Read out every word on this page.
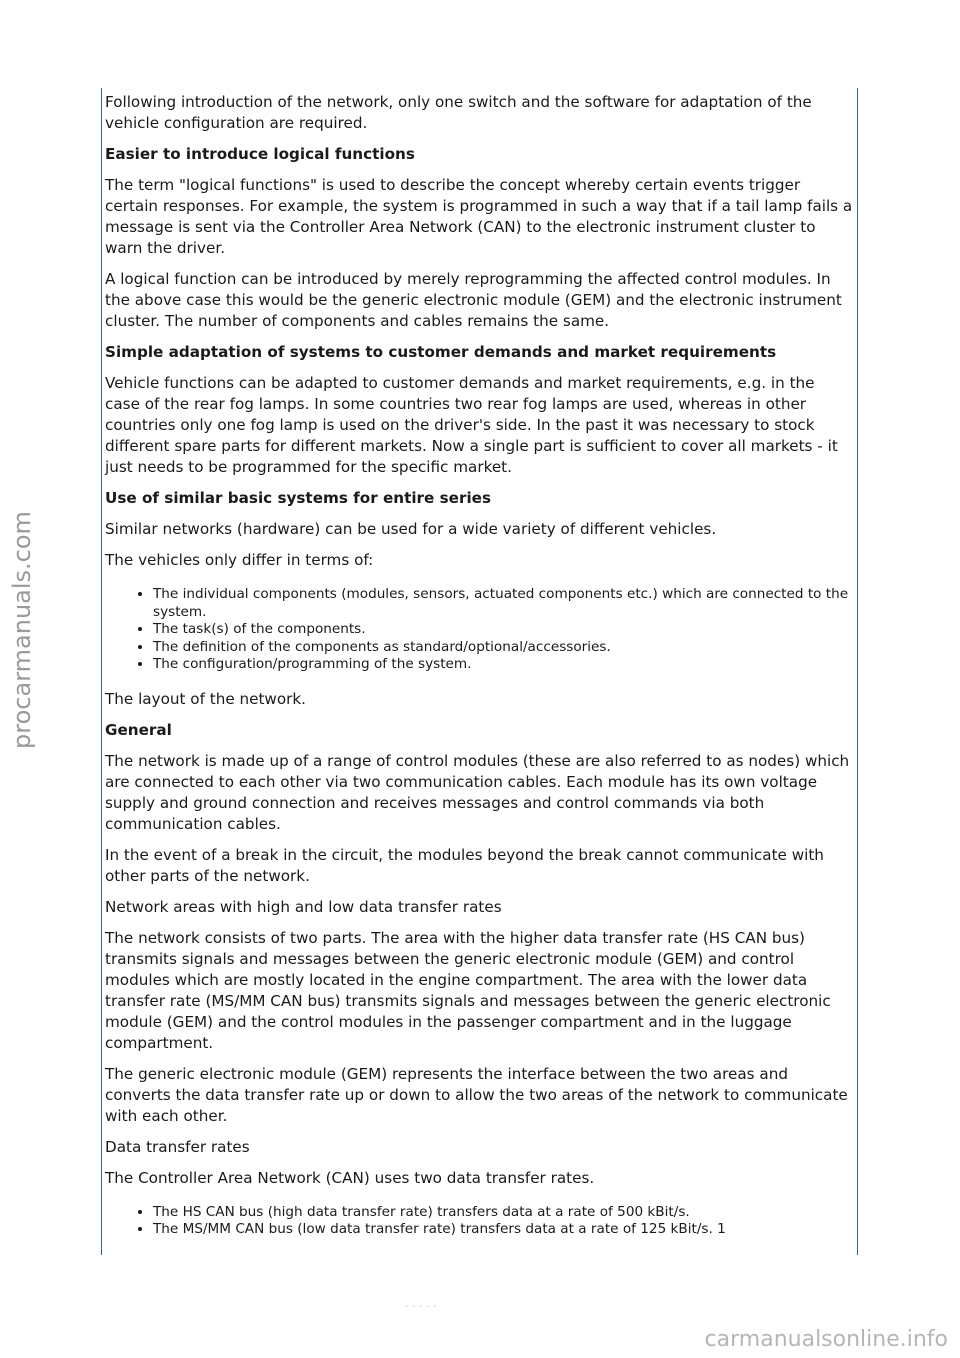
procarmanuals.com

Following introduction of the network, only one switch and the software for adaptation of the vehicle configuration are required.

Easier to introduce logical functions

The term "logical functions" is used to describe the concept whereby certain events trigger certain responses. For example, the system is programmed in such a way that if a tail lamp fails a message is sent via the Controller Area Network (CAN) to the electronic instrument cluster to warn the driver.

A logical function can be introduced by merely reprogramming the affected control modules. In the above case this would be the generic electronic module (GEM) and the electronic instrument cluster. The number of components and cables remains the same.

Simple adaptation of systems to customer demands and market requirements

Vehicle functions can be adapted to customer demands and market requirements, e.g. in the case of the rear fog lamps. In some countries two rear fog lamps are used, whereas in other countries only one fog lamp is used on the driver's side. In the past it was necessary to stock different spare parts for different markets. Now a single part is sufficient to cover all markets - it just needs to be programmed for the specific market.

Use of similar basic systems for entire series

Similar networks (hardware) can be used for a wide variety of different vehicles.

The vehicles only differ in terms of:

• The individual components (modules, sensors, actuated components etc.) which are connected to the system.
• The task(s) of the components.
• The definition of the components as standard/optional/accessories.
• The configuration/programming of the system.

The layout of the network.

General

The network is made up of a range of control modules (these are also referred to as nodes) which are connected to each other via two communication cables. Each module has its own voltage supply and ground connection and receives messages and control commands via both communication cables.

In the event of a break in the circuit, the modules beyond the break cannot communicate with other parts of the network.

Network areas with high and low data transfer rates

The network consists of two parts. The area with the higher data transfer rate (HS CAN bus) transmits signals and messages between the generic electronic module (GEM) and control modules which are mostly located in the engine compartment. The area with the lower data transfer rate (MS/MM CAN bus) transmits signals and messages between the generic electronic module (GEM) and the control modules in the passenger compartment and in the luggage compartment.

The generic electronic module (GEM) represents the interface between the two areas and converts the data transfer rate up or down to allow the two areas of the network to communicate with each other.

Data transfer rates

The Controller Area Network (CAN) uses two data transfer rates.

• The HS CAN bus (high data transfer rate) transfers data at a rate of 500 kBit/s.
• The MS/MM CAN bus (low data transfer rate) transfers data at a rate of 125 kBit/s. 1
· · · · ·
carmanualsonline.info
